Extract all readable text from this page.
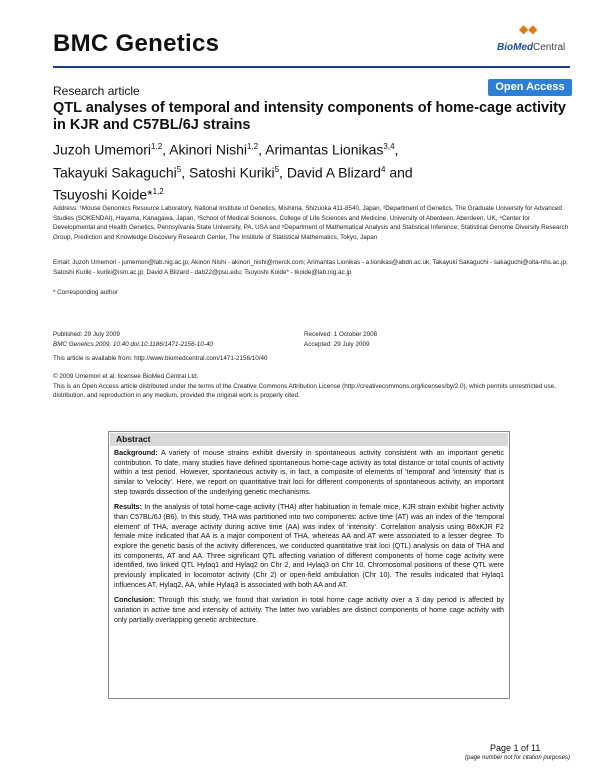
BMC Genetics
◆◆
BioMed Central
Research article	Open Access
QTL analyses of temporal and intensity components of home-cage activity in KJR and C57BL/6J strains
Juzoh Umemori$^{1,2}$, Akinori Nishi$^{1,2}$, Arimantas Lionikas$^{3,4}$,
Takayuki Sakaguchi$^5$, Satoshi Kuriki$^5$, David A Blizard$^4$ and
Tsuyoshi Koide*$^{1,2}$
Address: ¹Mouse Genomics Resource Laboratory, National Institute of Genetics, Mishima, Shizuoka 411-8540, Japan, ²Department of Genetics, The Graduate University for Advanced Studies (SOKENDAI), Hayama, Kanagawa, Japan, ³School of Medical Sciences, College of Life Sciences and Medicine, University of Aberdeen, Aberdeen, UK, ⁴Center for Developmental and Health Genetics, Pennsylvania State University, PA, USA and ⁵Department of Mathematical Analysis and Statistical Inference; Statistical Genome Diversity Research Group, Prediction and Knowledge Discovery Research Center, The Institute of Statistical Mathematics, Tokyo, Japan
Email: Juzoh Umemori - jumemori@lab.nig.ac.jp; Akinori Nishi - akinori_nishi@merck.com; Arimantas Lionikas - a.lionikas@abdn.ac.uk; Takayuki Sakaguchi - sakaguchi@oita-nhs.ac.jp; Satoshi Kuriki - kuriki@ism.ac.jp; David A Blizard - dab22@psu.edu; Tsuyoshi Koide* - tkoide@lab.nig.ac.jp
* Corresponding author
Published: 29 July 2009
BMC Genetics 2009, 10:40 doi:10.1186/1471-2156-10-40
Received: 1 October 2008
Accepted: 29 July 2009
This article is available from: http://www.biomedcentral.com/1471-2156/10/40
© 2009 Umemori et al; licensee BioMed Central Ltd.
This is an Open Access article distributed under the terms of the Creative Commons Attribution License (http://creativecommons.org/licenses/by/2.0), which permits unrestricted use, distribution, and reproduction in any medium, provided the original work is properly cited.
Abstract

Background: A variety of mouse strains exhibit diversity in spontaneous activity consistent with an important genetic contribution. To date, many studies have defined spontaneous home-cage activity as total distance or total counts of activity within a test period. However, spontaneous activity is, in fact, a composite of elements of 'temporal' and 'intensity' that is similar to 'velocity'. Here, we report on quantitative trait loci for different components of spontaneous activity, an important step towards dissection of the underlying genetic mechanisms.

Results: In the analysis of total home-cage activity (THA) after habituation in female mice, KJR strain exhibit higher activity than C57BL/6J (B6). In this study, THA was partitioned into two components: active time (AT) was an index of the 'temporal element' of THA, average activity during active time (AA) was index of 'intensity'. Correlation analysis using B6xKJR F2 female mice indicated that AA is a major component of THA, whereas AA and AT were associated to a lesser degree. To explore the genetic basis of the activity differences, we conducted quantitative trait loci (QTL) analysis on data of THA and its components, AT and AA. Three significant QTL affecting variation of different components of home cage activity were identified, two linked QTL Hylaq1 and Hylaq2 on Chr 2, and Hylaq3 on Chr 10. Chromosomal positions of these QTL were previously implicated in locomotor activity (Chr 2) or open-field ambulation (Chr 10). The results indicated that Hylaq1 influences AT, Hylaq2, AA, while Hylaq3 is associated with both AA and AT.

Conclusion: Through this study, we found that variation in total home cage activity over a 3 day period is affected by variation in active time and intensity of activity. The latter two variables are distinct components of home cage activity with only partially overlapping genetic architecture.

Page 1 of 11
(page number not for citation purposes)
